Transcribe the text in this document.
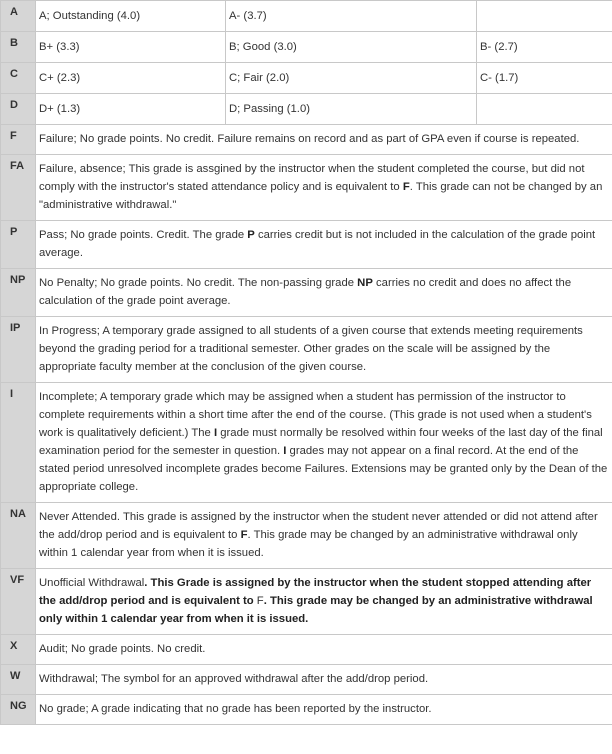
A	A; Outstanding (4.0)	A- (3.7)	
B	B+ (3.3)	B; Good (3.0)	B- (2.7)
C	C+ (2.3)	C; Fair (2.0)	C- (1.7)
D	D+ (1.3)	D; Passing (1.0)	
F	Failure; No grade points. No credit. Failure remains on record and as part of GPA even if course is repeated.		
FA	Failure, absence; This grade is assgined by the instructor when the student completed the course, but did not comply with the instructor's stated attendance policy and is equivalent to F. This grade can not be changed by an "administrative withdrawal."		
P	Pass; No grade points. Credit. The grade P carries credit but is not included in the calculation of the grade point average.		
NP	No Penalty; No grade points. No credit. The non-passing grade NP carries no credit and does no affect the calculation of the grade point average.		
IP	In Progress; A temporary grade assigned to all students of a given course that extends meeting requirements beyond the grading period for a traditional semester. Other grades on the scale will be assigned by the appropriate faculty member at the conclusion of the given course.		
I	Incomplete; A temporary grade which may be assigned when a student has permission of the instructor to complete requirements within a short time after the end of the course. (This grade is not used when a student's work is qualitatively deficient.) The I grade must normally be resolved within four weeks of the last day of the final examination period for the semester in question. I grades may not appear on a final record. At the end of the stated period unresolved incomplete grades become Failures. Extensions may be granted only by the Dean of the appropriate college.		
NA	Never Attended. This grade is assigned by the instructor when the student never attended or did not attend after the add/drop period and is equivalent to F. This grade may be changed by an administrative withdrawal only within 1 calendar year from when it is issued.		
VF	Unofficial Withdrawal. This Grade is assigned by the instructor when the student stopped attending after the add/drop period and is equivalent to F. This grade may be changed by an administrative withdrawal only within 1 calendar year from when it is issued.		
X	Audit; No grade points. No credit.		
W	Withdrawal; The symbol for an approved withdrawal after the add/drop period.		
NG	No grade; A grade indicating that no grade has been reported by the instructor.		
